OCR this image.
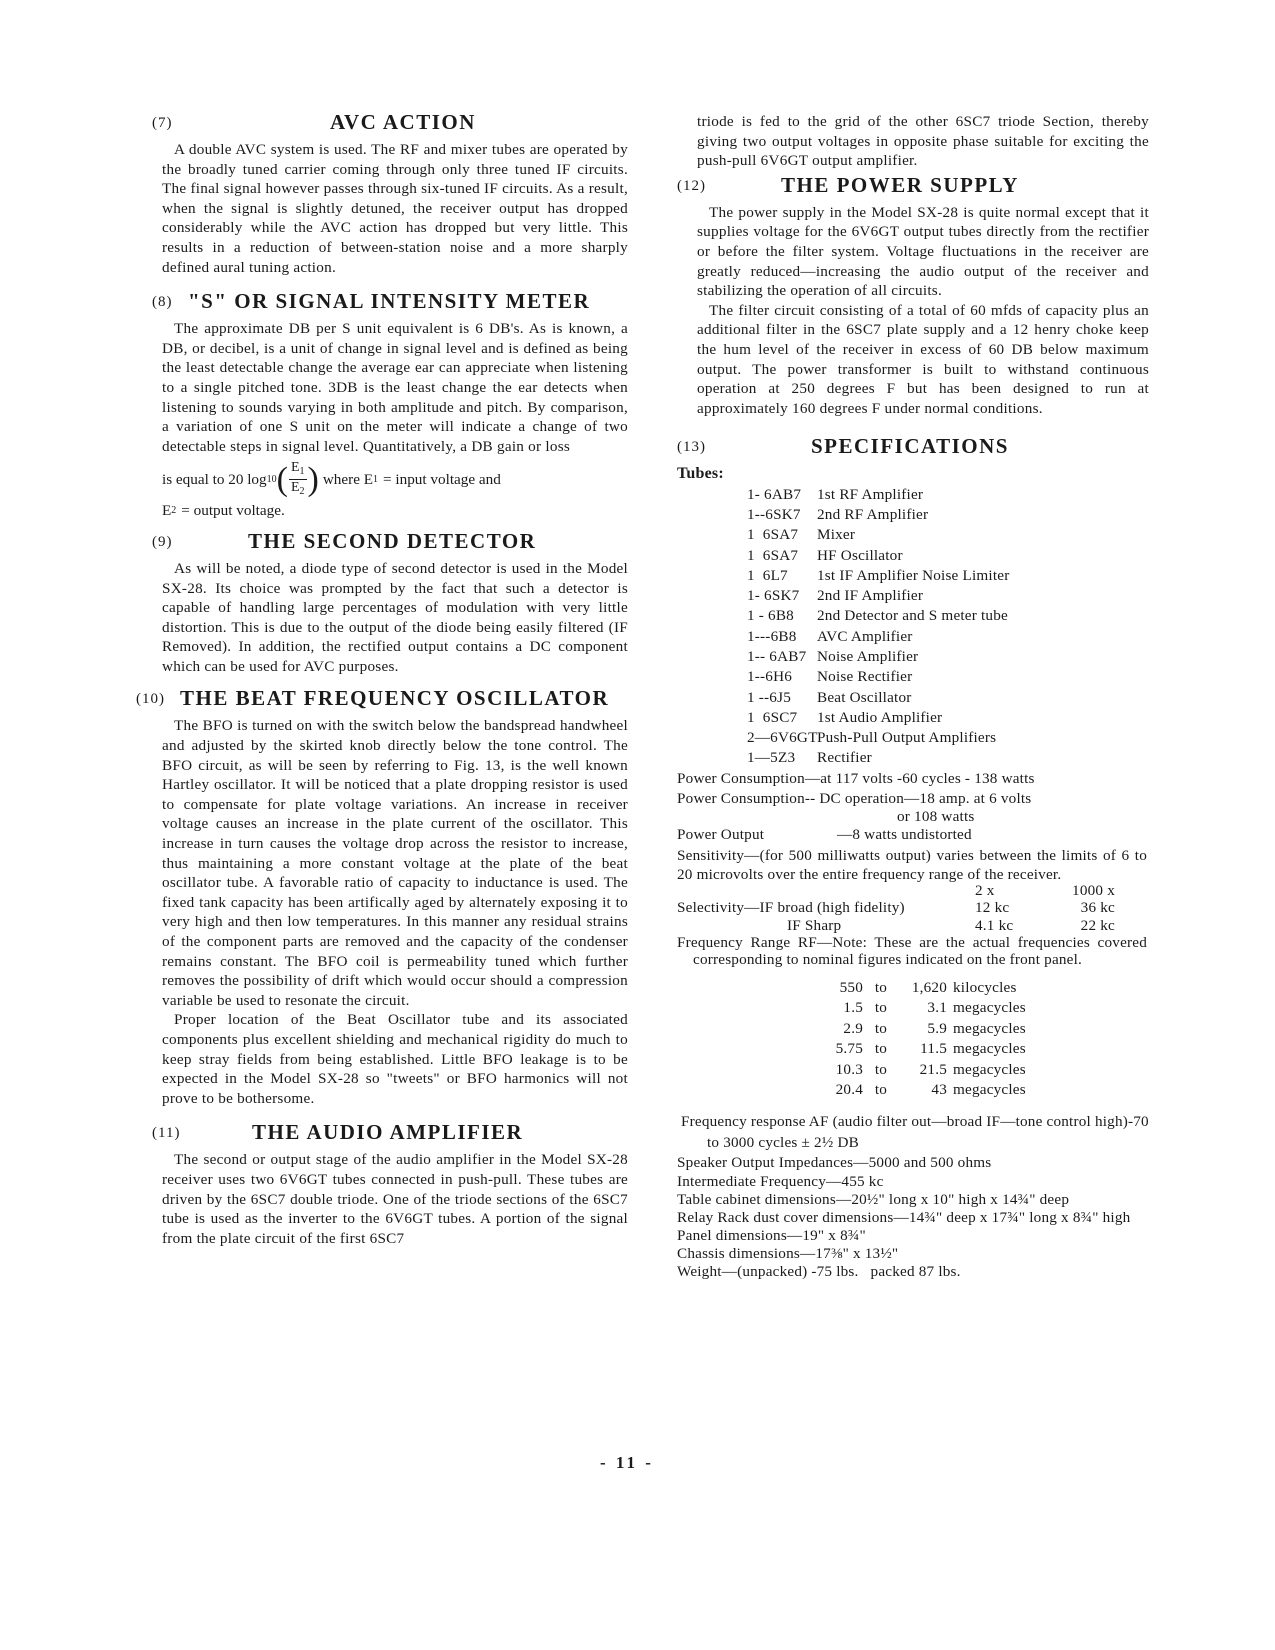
(7)	AVC ACTION

A double AVC system is used. The RF and mixer tubes are operated by the broadly tuned carrier coming through only three tuned IF circuits. The final signal however passes through six-tuned IF circuits. As a result, when the signal is slightly detuned, the receiver output has dropped considerably while the AVC action has dropped but very little. This results in a reduction of between-station noise and a more sharply defined aural tuning action.

(8) "S" OR SIGNAL INTENSITY METER

The approximate DB per S unit equivalent is 6 DB's. As is known, a DB, or decibel, is a unit of change in signal level and is defined as being the least detectable change the average ear can appreciate when listening to a single pitched tone. 3DB is the least change the ear detects when listening to sounds varying in both amplitude and pitch. By comparison, a variation of one S unit on the meter will indicate a change of two detectable steps in signal level. Quantitatively, a DB gain or loss

is equal to 20 log 10 ( $\frac{E_1}{E_2}$ ) where E 1 = input voltage and
E 2 = output voltage.
(9)	THE SECOND DETECTOR

As will be noted, a diode type of second detector is used in the Model SX-28. Its choice was prompted by the fact that such a detector is capable of handling large percentages of modulation with very little distortion. This is due to the output of the diode being easily filtered (IF Removed). In addition, the rectified output contains a DC component which can be used for AVC purposes.

(10) THE BEAT FREQUENCY OSCILLATOR

The BFO is turned on with the switch below the bandspread handwheel and adjusted by the skirted knob directly below the tone control. The BFO circuit, as will be seen by referring to Fig. 13, is the well known Hartley oscillator. It will be noticed that a plate dropping resistor is used to compensate for plate voltage variations. An increase in receiver voltage causes an increase in the plate current of the oscillator. This increase in turn causes the voltage drop across the resistor to increase, thus maintaining a more constant voltage at the plate of the beat oscillator tube. A favorable ratio of capacity to inductance is used. The fixed tank capacity has been artifically aged by alternately exposing it to very high and then low temperatures. In this manner any residual strains of the component parts are removed and the capacity of the condenser remains constant. The BFO coil is permeability tuned which further removes the possibility of drift which would occur should a compression variable be used to resonate the circuit.

Proper location of the Beat Oscillator tube and its associated components plus excellent shielding and mechanical rigidity do much to keep stray fields from being established. Little BFO leakage is to be expected in the Model SX-28 so "tweets" or BFO harmonics will not prove to be bothersome.

(11)	THE AUDIO AMPLIFIER

The second or output stage of the audio amplifier in the Model SX-28 receiver uses two 6V6GT tubes connected in push-pull. These tubes are driven by the 6SC7 double triode. One of the triode sections of the 6SC7 tube is used as the inverter to the 6V6GT tubes. A portion of the signal from the plate circuit of the first 6SC7

triode is fed to the grid of the other 6SC7 triode Section, thereby giving two output voltages in opposite phase suitable for exciting the push-pull 6V6GT output amplifier.

(12)	THE POWER SUPPLY

The power supply in the Model SX-28 is quite normal except that it supplies voltage for the 6V6GT output tubes directly from the rectifier or before the filter system. Voltage fluctuations in the receiver are greatly reduced—increasing the audio output of the receiver and stabilizing the operation of all circuits.

The filter circuit consisting of a total of 60 mfds of capacity plus an additional filter in the 6SC7 plate supply and a 12 henry choke keep the hum level of the receiver in excess of 60 DB below maximum output. The power transformer is built to withstand continuous operation at 250 degrees F but has been designed to run at approximately 160 degrees F under normal conditions.

(13)	SPECIFICATIONS
Tubes:
1- 6AB7	1st RF Amplifier
1--6SK7	2nd RF Amplifier
1  6SA7	Mixer
1  6SA7	HF Oscillator
1  6L7	1st IF Amplifier Noise Limiter
1- 6SK7	2nd IF Amplifier
1 - 6B8	2nd Detector and S meter tube
1---6B8	AVC Amplifier
1-- 6AB7 Noise Amplifier
1--6H6	Noise Rectifier
1 --6J5	Beat Oscillator
1  6SC7	1st Audio Amplifier
2—6V6GT Push-Pull Output Amplifiers
1—5Z3	Rectifier
Power Consumption—at 117 volts -60 cycles - 138 watts
Power Consumption-- DC operation—18 amp. at 6 volts
or 108 watts
Power Output	—8 watts undistorted
Sensitivity—(for 500 milliwatts output) varies between the limits of 6 to 20 microvolts over the entire frequency range of the receiver.
2 x	1000 x
Selectivity—IF broad (high fidelity)	12 kc	36 kc
IF Sharp	4.1 kc	22 kc
Frequency Range RF—Note: These are the actual frequencies covered corresponding to nominal figures indicated on the front panel.
550 to	1,620 kilocycles
1.5 to	3.1 megacycles
2.9 to	5.9 megacycles
5.75 to	11.5 megacycles
10.3 to	21.5 megacycles
20.4 to	43 megacycles
Frequency response AF (audio filter out—broad IF—tone control high)-70 to 3000 cycles ± 2½ DB
Speaker Output Impedances—5000 and 500 ohms
Intermediate Frequency—455 kc
Table cabinet dimensions—20½" long x 10" high x 14¾" deep
Relay Rack dust cover dimensions—14¾" deep x 17¾" long x 8¾" high
Panel dimensions—19" x 8¾"
Chassis dimensions—17⅜" x 13½"
Weight—(unpacked) -75 lbs.   packed 87 lbs.
- 11 -
